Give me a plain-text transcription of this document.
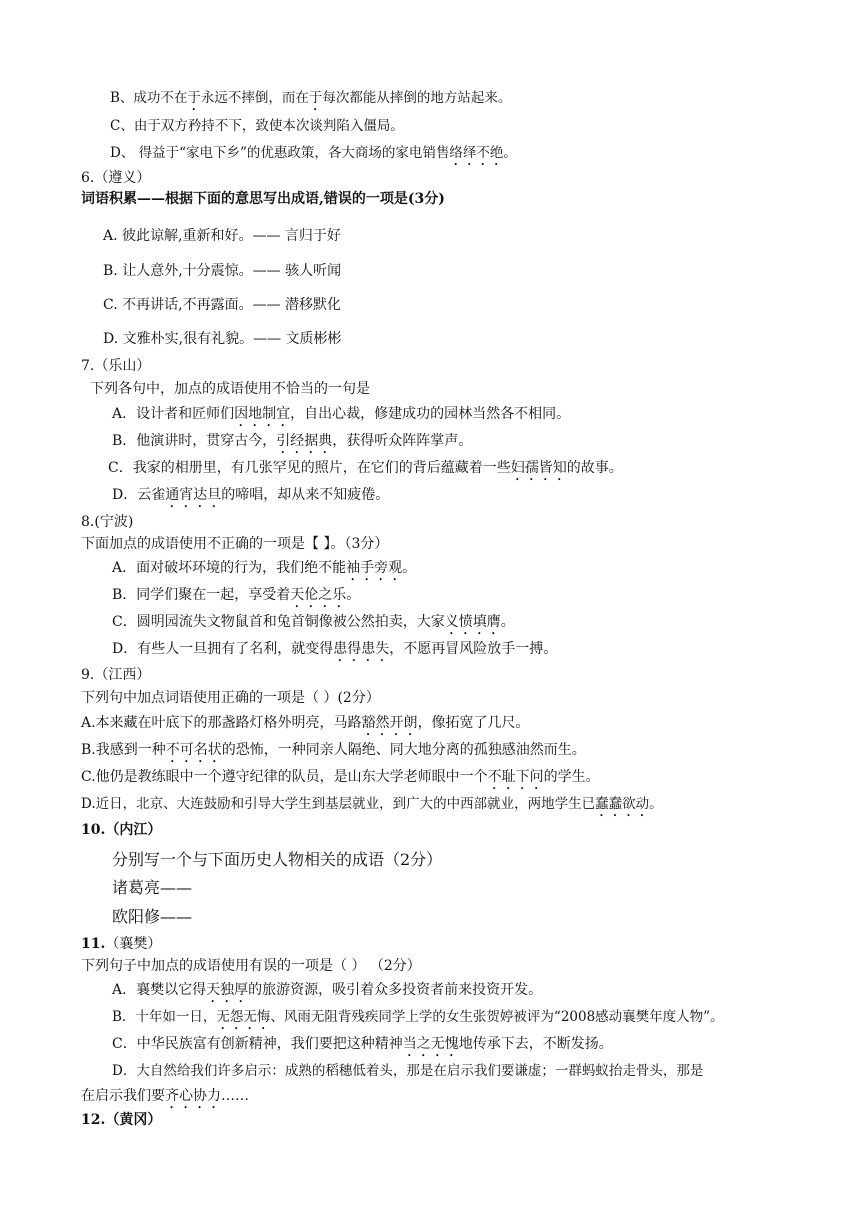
B、成功不在于永远不摔倒，而在于每次都能从摔倒的地方站起来。
C、由于双方矜持不下，致使本次谈判陷入僵局。
D、 得益于“家电下乡”的优惠政策，各大商场的家电销售络绎不绝。
6.（遵义）
词语积累——根据下面的意思写出成语,错误的一项是(3分)
A. 彼此谅解,重新和好。—— 言归于好
B. 让人意外,十分震惊。—— 骇人听闻
C. 不再讲话,不再露面。—— 潜移默化
D. 文雅朴实,很有礼貌。—— 文质彬彬
7.（乐山）
下列各句中，加点的成语使用不恰当的一句是
A．设计者和匠师们因地制宜，自出心裁，修建成功的园林当然各不相同。
B．他演讲时，贯穿古今，引经据典，获得听众阵阵掌声。
C．我家的相册里，有几张罕见的照片，在它们的背后蕴藏着一些妇孺皆知的故事。
D．云雀通宵达旦的啼唱，却从来不知疲倦。
8.(宁波)
下面加点的成语使用不正确的一项是【 】。（3分）
A．面对破坏环境的行为，我们绝不能袖手旁观。
B．同学们聚在一起，享受着天伦之乐。
C．圆明园流失文物鼠首和兔首铜像被公然拍卖，大家义愤填膺。
D．有些人一旦拥有了名利，就变得患得患失，不愿再冒风险放手一搏。
9.（江西）
下列句中加点词语使用正确的一项是（ ）(2分）
A.本来藏在叶底下的那盏路灯格外明亮，马路豁然开朗，像拓宽了几尺。
B.我感到一种不可名状的恐怖，一种同亲人隔绝、同大地分离的孤独感油然而生。
C.他仍是教练眼中一个遵守纪律的队员，是山东大学老师眼中一个不耻下问的学生。
D.近日，北京、大连鼓励和引导大学生到基层就业，到广大的中西部就业，两地学生已蠢蠢欲动。
10.（内江）
分别写一个与下面历史人物相关的成语（2分）
诸葛亮——
欧阳修——
11.（襄樊）
下列句子中加点的成语使用有误的一项是（ ） （2分）
A．襄樊以它得天独厚的旅游资源，吸引着众多投资者前来投资开发。
B．十年如一日，无怨无悔、风雨无阻背残疾同学上学的女生张贺婷被评为“2008感动襄樊年度人物”。
C．中华民族富有创新精神，我们要把这种精神当之无愧地传承下去，不断发扬。
D．大自然给我们许多启示：成熟的稻穗低着头，那是在启示我们要谦虚；一群蚂蚁抬走骨头，那是
在启示我们要齐心协力……
12.（黄冈）
